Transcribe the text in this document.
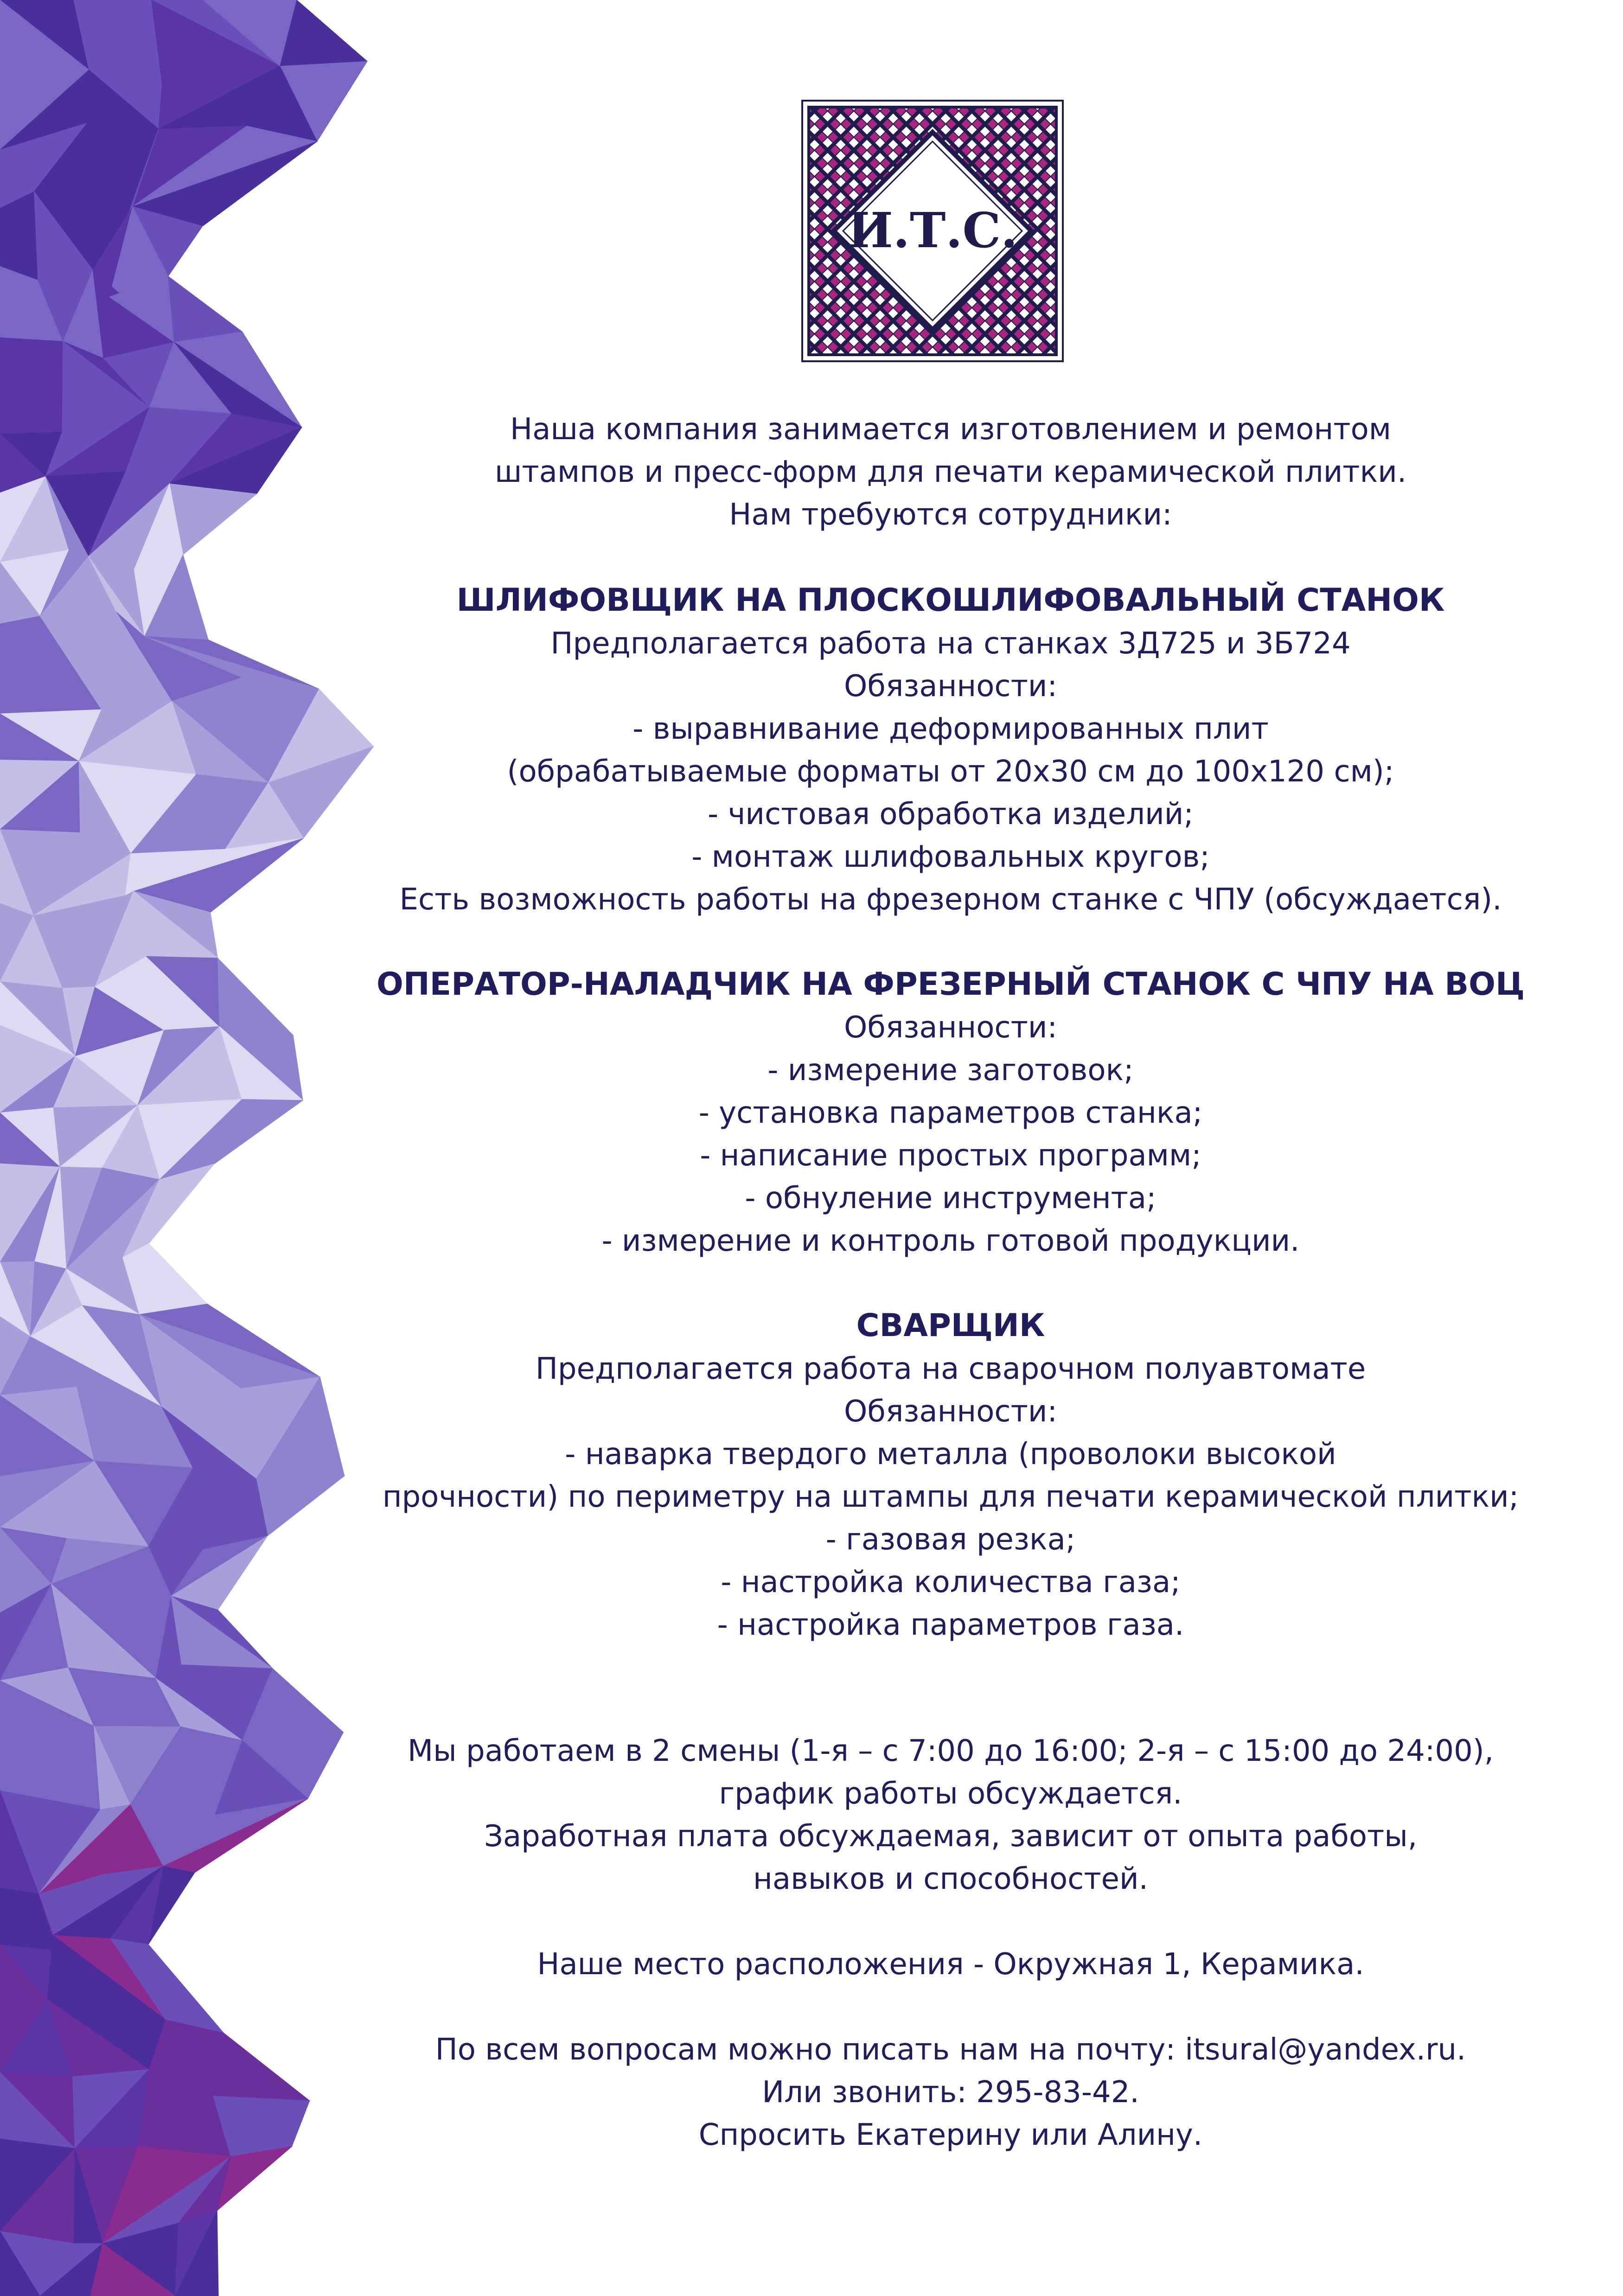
И.Т.С.
Наша компания занимается изготовлением и ремонтом
штампов и пресс-форм для печати керамической плитки.
Нам требуются сотрудники:
ШЛИФОВЩИК НА ПЛОСКОШЛИФОВАЛЬНЫЙ СТАНОК
Предполагается работа на станках 3Д725 и 3Б724
Обязанности:
- выравнивание деформированных плит
(обрабатываемые форматы от 20х30 см до 100х120 см);
- чистовая обработка изделий;
- монтаж шлифовальных кругов;
Есть возможность работы на фрезерном станке с ЧПУ (обсуждается).
ОПЕРАТОР-НАЛАДЧИК НА ФРЕЗЕРНЫЙ СТАНОК С ЧПУ НА ВОЦ
Обязанности:
- измерение заготовок;
- установка параметров станка;
- написание простых программ;
- обнуление инструмента;
- измерение и контроль готовой продукции.
СВАРЩИК
Предполагается работа на сварочном полуавтомате
Обязанности:
- наварка твердого металла (проволоки высокой
прочности) по периметру на штампы для печати керамической плитки;
- газовая резка;
- настройка количества газа;
- настройка параметров газа.
Мы работаем в 2 смены (1-я – с 7:00 до 16:00; 2-я – с 15:00 до 24:00),
график работы обсуждается.
Заработная плата обсуждаемая, зависит от опыта работы,
навыков и способностей.
Наше место расположения - Окружная 1, Керамика.
По всем вопросам можно писать нам на почту: itsural@yandex.ru.
Или звонить: 295-83-42.
Спросить Екатерину или Алину.
